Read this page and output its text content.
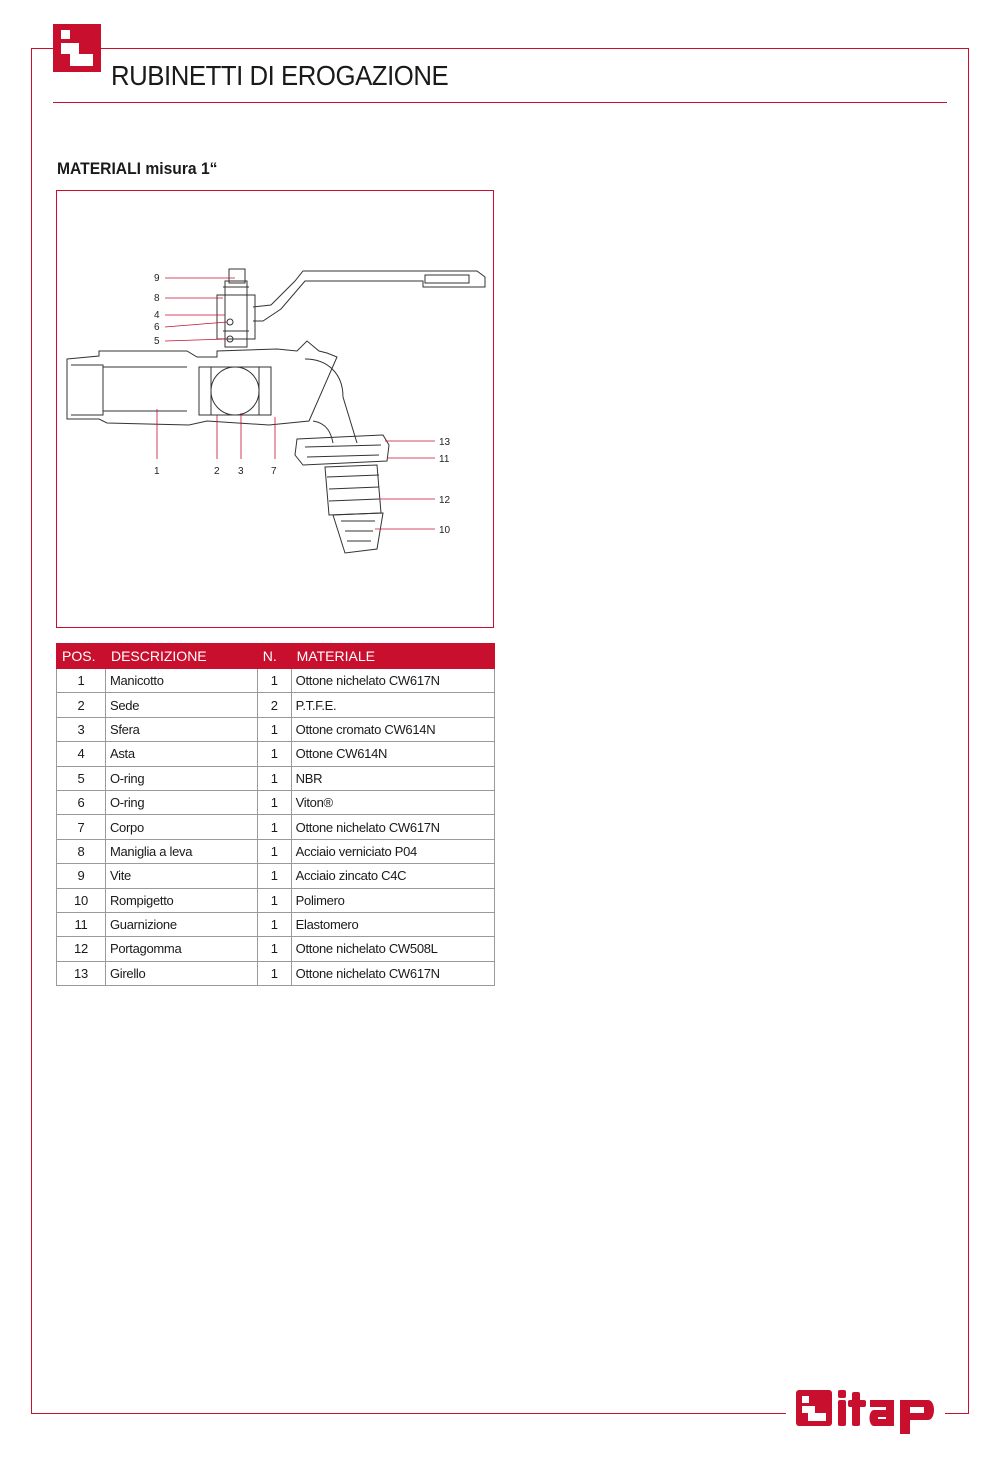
RUBINETTI DI EROGAZIONE
MATERIALI misura 1“
9
8
4
6
5
1	2 3	7
13
11
12
10
POS.	DESCRIZIONE	N.	MATERIALE
1	Manicotto	1	Ottone nichelato CW617N
2	Sede	2	P.T.F.E.
3	Sfera	1	Ottone cromato CW614N
4	Asta	1	Ottone CW614N
5	O-ring	1	NBR
6	O-ring	1	Viton®
7	Corpo	1	Ottone nichelato CW617N
8	Maniglia a leva	1	Acciaio verniciato P04
9	Vite	1	Acciaio zincato C4C
10	Rompigetto	1	Polimero
11	Guarnizione	1	Elastomero
12	Portagomma	1	Ottone nichelato CW508L
13	Girello	1	Ottone nichelato CW617N
